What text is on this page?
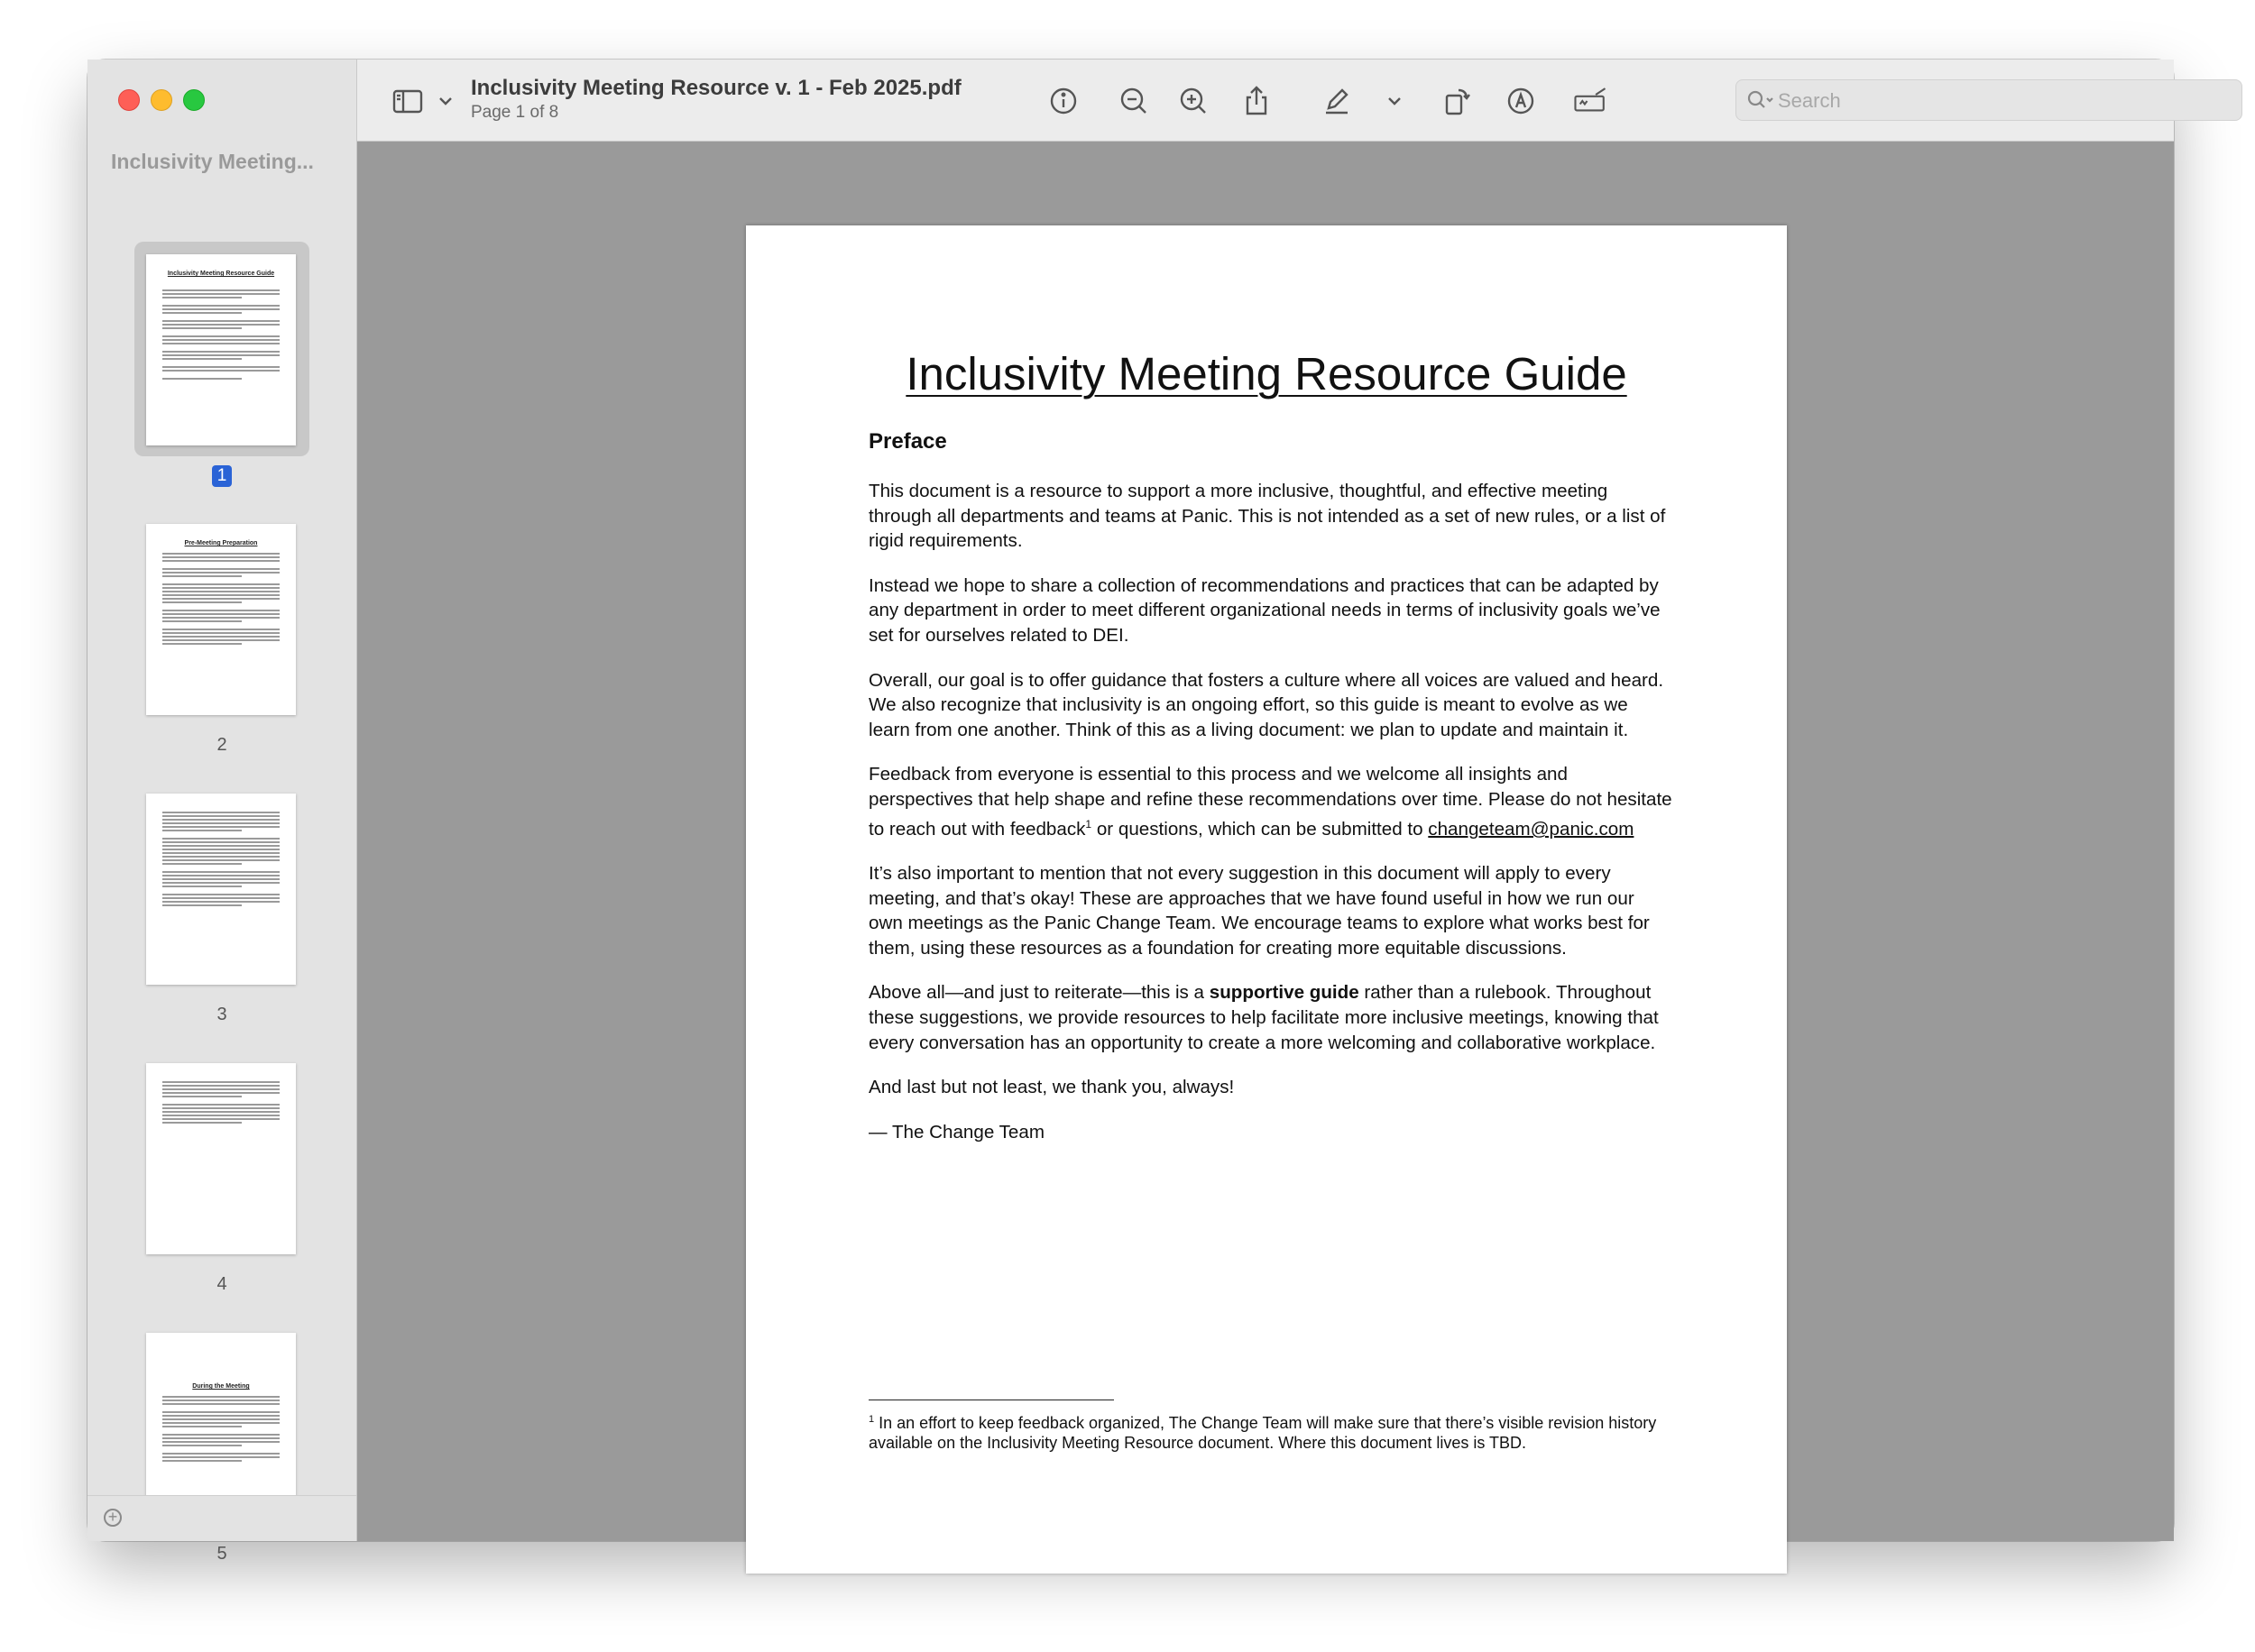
Inclusivity Meeting...
Inclusivity Meeting Resource Guide

1
Pre-Meeting Preparation
2
3
4
During the Meeting
5
+
Inclusivity Meeting Resource v. 1 - Feb 2025.pdf
Page 1 of 8
Search
Inclusivity Meeting Resource Guide
Preface

This document is a resource to support a more inclusive, thoughtful, and effective meeting through all departments and teams at Panic. This is not intended as a set of new rules, or a list of rigid requirements.

Instead we hope to share a collection of recommendations and practices that can be adapted by any department in order to meet different organizational needs in terms of inclusivity goals we’ve set for ourselves related to DEI.

Overall, our goal is to offer guidance that fosters a culture where all voices are valued and heard. We also recognize that inclusivity is an ongoing effort, so this guide is meant to evolve as we learn from one another. Think of this as a living document: we plan to update and maintain it.

Feedback from everyone is essential to this process and we welcome all insights and perspectives that help shape and refine these recommendations over time. Please do not hesitate to reach out with feedback$^1$ or questions, which can be submitted to changeteam@panic.com

It’s also important to mention that not every suggestion in this document will apply to every meeting, and that’s okay! These are approaches that we have found useful in how we run our own meetings as the Panic Change Team. We encourage teams to explore what works best for them, using these resources as a foundation for creating more equitable discussions.

Above all—and just to reiterate—this is a supportive guide rather than a rulebook. Throughout these suggestions, we provide resources to help facilitate more inclusive meetings, knowing that every conversation has an opportunity to create a more welcoming and collaborative workplace.

And last but not least, we thank you, always!

— The Change Team

$^1$ In an effort to keep feedback organized, The Change Team will make sure that there’s visible revision history available on the Inclusivity Meeting Resource document. Where this document lives is TBD.
